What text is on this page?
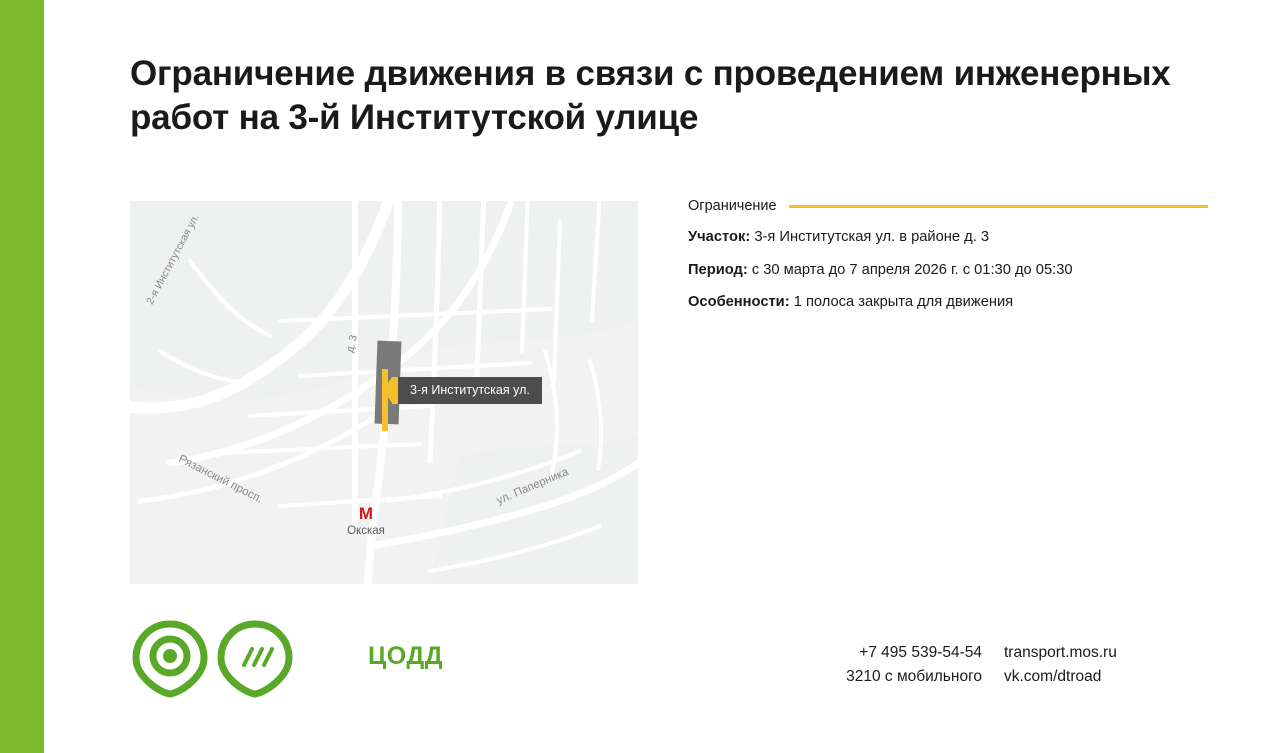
Ограничение движения в связи с проведением инженерных работ на 3-й Институтской улице
2-я Институтская ул.
Рязанский просп.	ул. Паперника
д. 3
M
Окская
3-я Институтская ул.
Ограничение
Участок: 3-я Институтская ул. в районе д. 3
Период: с 30 марта до 7 апреля 2026 г. с 01:30 до 05:30
Особенности: 1 полоса закрыта для движения
ЦОДД	+7 495 539-54-54	transport.mos.ru
3210 с мобильного	vk.com/dtroad
